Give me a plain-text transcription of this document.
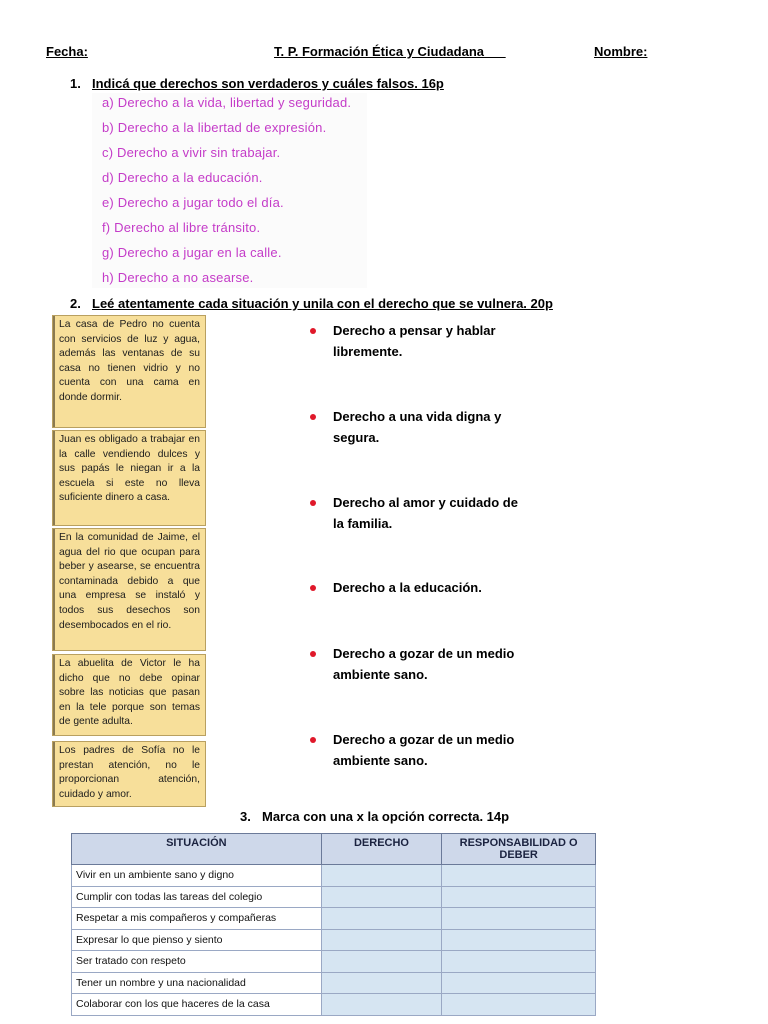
Fecha:	T. P. Formación Ética y Ciudadana	Nombre:
1. Indicá que derechos son verdaderos y cuáles falsos. 16p
a) Derecho a la vida, libertad y seguridad.
b) Derecho a la libertad de expresión.
c) Derecho a vivir sin trabajar.
d) Derecho a la educación.
e) Derecho a jugar todo el día.
f) Derecho al libre tránsito.
g) Derecho a jugar en la calle.
h) Derecho a no asearse.
2. Leé atentamente cada situación y unila con el derecho que se vulnera. 20p
La casa de Pedro no cuenta con servicios de luz y agua, además las ventanas de su casa no tienen vidrio y no cuenta con una cama en donde dormir.
Juan es obligado a trabajar en la calle vendiendo dulces y sus papás le niegan ir a la escuela si este no lleva suficiente dinero a casa.
En la comunidad de Jaime, el agua del rio que ocupan para beber y asearse, se encuentra contaminada debido a que una empresa se instaló y todos sus desechos son desembocados en el rio.
La abuelita de Victor le ha dicho que no debe opinar sobre las noticias que pasan en la tele porque son temas de gente adulta.
Los padres de Sofía no le prestan atención, no le proporcionan atención, cuidado y amor.
Derecho a pensar y hablar libremente.
Derecho a una vida digna y segura.
Derecho al amor y cuidado de la familia.
Derecho a la educación.
Derecho a gozar de un medio ambiente sano.
Derecho a gozar de un medio ambiente sano.
3. Marca con una x la opción correcta. 14p
SITUACIÓN	DERECHO	RESPONSABILIDAD O DEBER
Vivir en un ambiente sano y digno		
Cumplir con todas las tareas del colegio		
Respetar a mis compañeros y compañeras		
Expresar lo que pienso y siento		
Ser tratado con respeto		
Tener un nombre y una nacionalidad		
Colaborar con los que haceres de la casa		
